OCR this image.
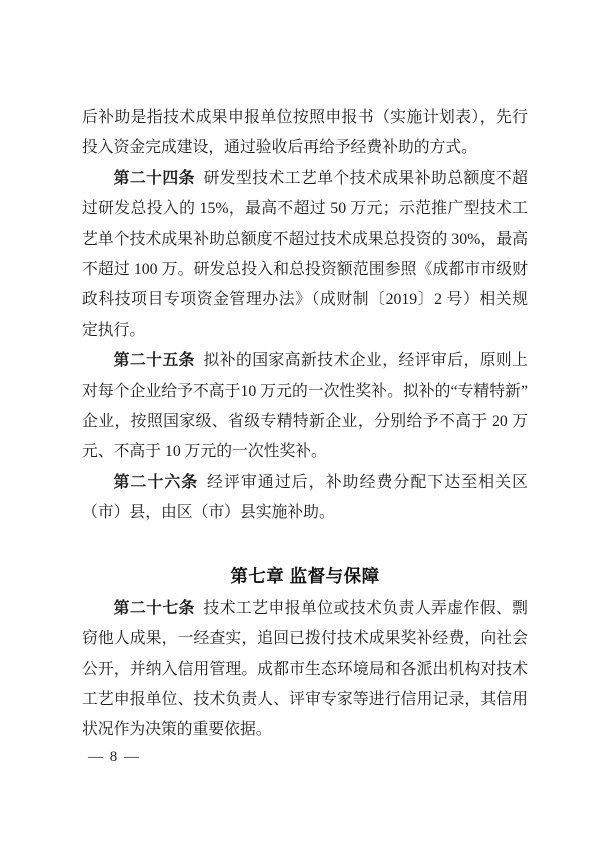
后补助是指技术成果申报单位按照申报书（实施计划表），先行投入资金完成建设，通过验收后再给予经费补助的方式。

第二十四条 研发型技术工艺单个技术成果补助总额度不超过研发总投入的 15%，最高不超过 50 万元；示范推广型技术工艺单个技术成果补助总额度不超过技术成果总投资的 30%，最高不超过 100 万。研发总投入和总投资额范围参照《成都市市级财政科技项目专项资金管理办法》（成财制〔2019〕2 号）相关规定执行。

第二十五条 拟补的国家高新技术企业，经评审后，原则上对每个企业给予不高于10 万元的一次性奖补。拟补的“专精特新”企业，按照国家级、省级专精特新企业，分别给予不高于 20 万元、不高于 10 万元的一次性奖补。

第二十六条 经评审通过后，补助经费分配下达至相关区（市）县，由区（市）县实施补助。

第七章 监督与保障

第二十七条 技术工艺申报单位或技术负责人弄虚作假、剽窃他人成果，一经查实，追回已拨付技术成果奖补经费，向社会公开，并纳入信用管理。成都市生态环境局和各派出机构对技术工艺申报单位、技术负责人、评审专家等进行信用记录，其信用状况作为决策的重要依据。

— 8 —
